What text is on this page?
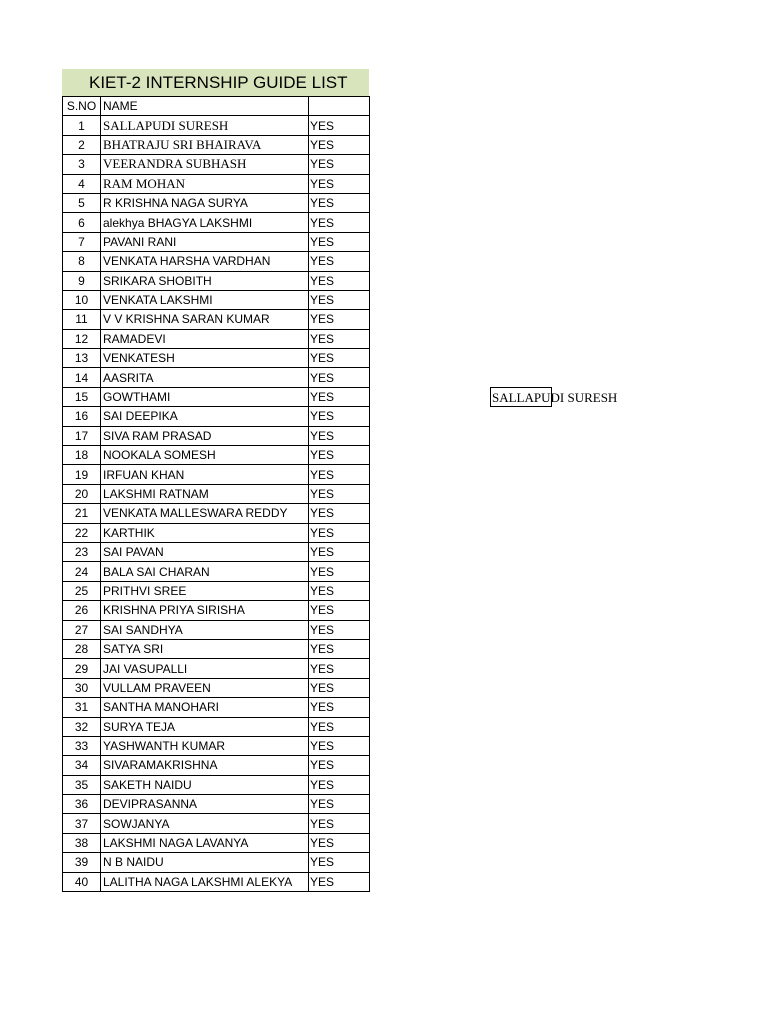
KIET-2 INTERNSHIP GUIDE LIST
S.NO	NAME	
1	SALLAPUDI SURESH	YES
2	BHATRAJU SRI BHAIRAVA	YES
3	VEERANDRA SUBHASH	YES
4	RAM MOHAN	YES
5	R KRISHNA NAGA SURYA	YES
6	alekhya BHAGYA LAKSHMI	YES
7	PAVANI RANI	YES
8	VENKATA HARSHA VARDHAN	YES
9	SRIKARA SHOBITH	YES
10	VENKATA LAKSHMI	YES
11	V V KRISHNA SARAN KUMAR	YES
12	RAMADEVI	YES
13	VENKATESH	YES
14	AASRITA	YES
15	GOWTHAMI	YES
16	SAI DEEPIKA	YES
17	SIVA RAM PRASAD	YES
18	NOOKALA SOMESH	YES
19	IRFUAN KHAN	YES
20	LAKSHMI RATNAM	YES
21	VENKATA MALLESWARA REDDY	YES
22	KARTHIK	YES
23	SAI PAVAN	YES
24	BALA SAI CHARAN	YES
25	PRITHVI SREE	YES
26	KRISHNA PRIYA SIRISHA	YES
27	SAI SANDHYA	YES
28	SATYA SRI	YES
29	JAI VASUPALLI	YES
30	VULLAM PRAVEEN	YES
31	SANTHA MANOHARI	YES
32	SURYA TEJA	YES
33	YASHWANTH KUMAR	YES
34	SIVARAMAKRISHNA	YES
35	SAKETH NAIDU	YES
36	DEVIPRASANNA	YES
37	SOWJANYA	YES
38	LAKSHMI NAGA LAVANYA	YES
39	N B NAIDU	YES
40	LALITHA NAGA LAKSHMI ALEKYA	YES
SALLAPUDI SURESH
